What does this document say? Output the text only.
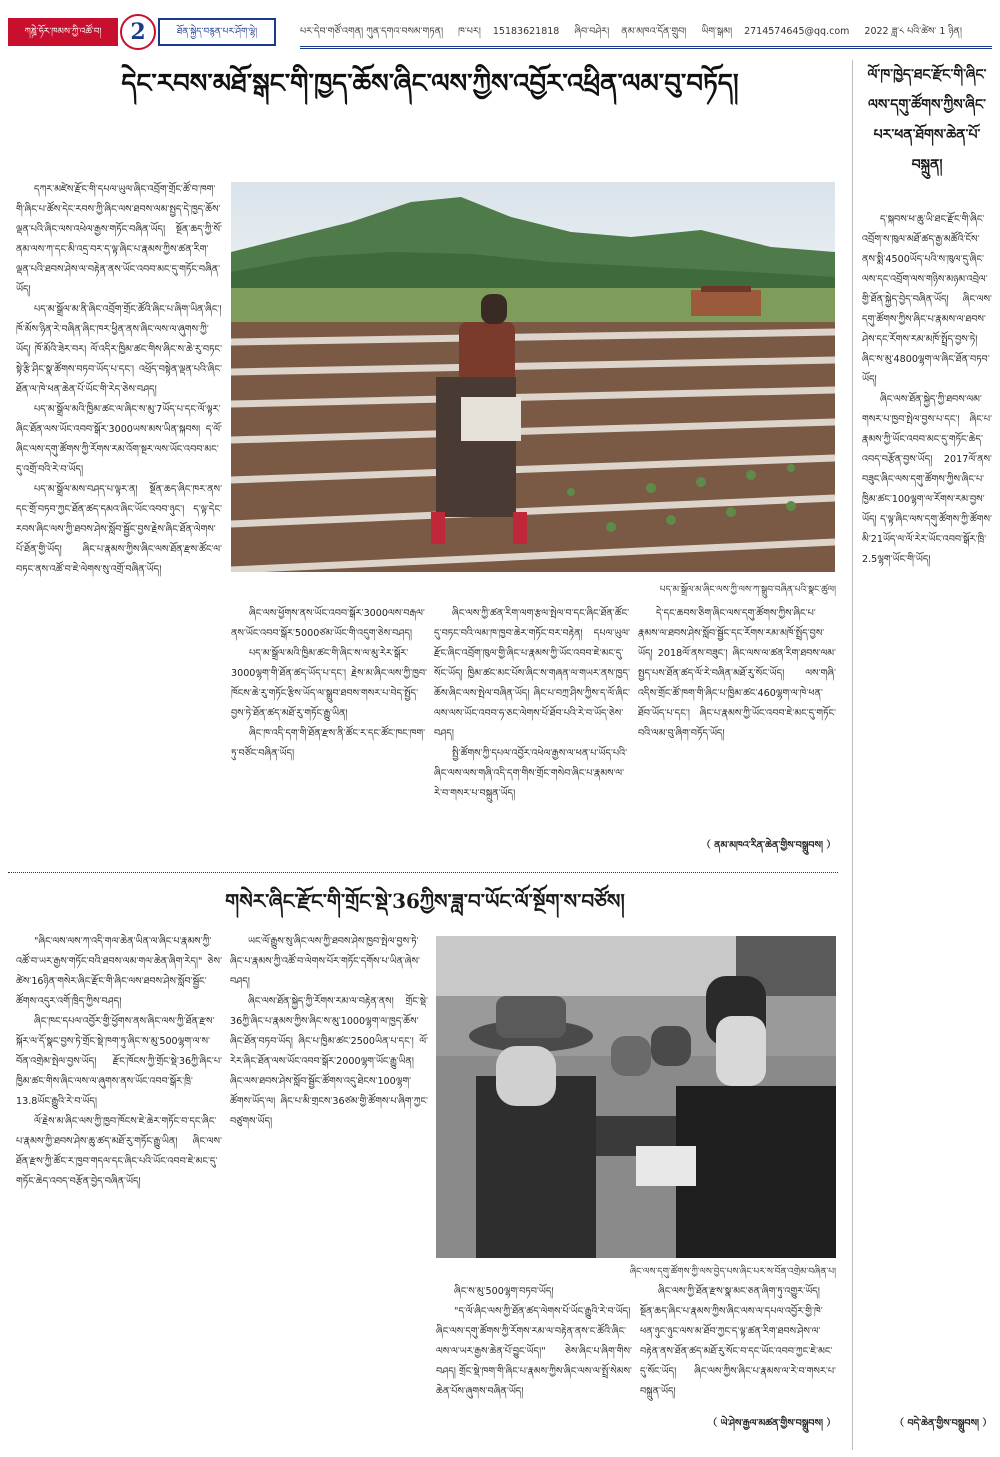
ཀཎྜེ་ཧོར་ཁམས་ཀྱི་འཚོ་བ།	2	ཐོན་སྐྱེད་བརྙན་པར་ཤོག་ལྷེ།	པར་དེབ་གཙོ་འགན། ཀུན་དགའ་བསམ་གཏན། ཁ་པར། 15183621818 ཞིབ་བཤེར། ནམ་མཁའ་དོན་གྲུབ། ཡིག་སྒམ། 2714574645@qq.com 2022 ཟླ་༨ པའི་ཚེས་ 1 ཉིན།
དེང་རབས་མཐོ་སྒང་གི་ཁྱད་ཆོས་ཞིང་ལས་ཀྱིས་འབྱོར་འཕྲིན་ལམ་བུ་བཏོད།

དཀར་མཛེས་རྫོང་གི་དཔལ་ཡུལ་ཞིང་འབྲོག་གྲོང་ཚོ་བ་ཁག་གི་ཞིང་པ་ཚོས་དེང་རབས་ཀྱི་ཞིང་ལས་ཐབས་ལམ་སྤྱད་དེ་ཁྱད་ཆོས་ལྡན་པའི་ཞིང་ལས་འཕེལ་རྒྱས་གཏོང་བཞིན་ཡོད། སྔོན་ཆད་ཀྱི་སོ་ནམ་ལས་ཀ་དང་མི་འདྲ་བར་ད་ལྟ་ཞིང་པ་རྣམས་ཀྱིས་ཚན་རིག་ལྡན་པའི་ཐབས་ཤེས་ལ་བརྟེན་ནས་ཡོང་འབབ་མང་དུ་གཏོང་བཞིན་ཡོད།

པད་མ་སྒྲོལ་མ་ནི་ཞིང་འབྲོག་གྲོང་ཚོའི་ཞིང་པ་ཞིག་ཡིན་ཞིང་། ཁོ་མོས་ཉིན་རེ་བཞིན་ཞིང་ཁར་ཕྱིན་ནས་ཞིང་ལས་ལ་ཞུགས་ཀྱི་ཡོད། ཁོ་མོའི་ཟེར་བར། ལོ་འདིར་ཁྱིམ་ཚང་གིས་ཞིང་ས་ཆེ་རུ་བཏང་སྟེ་རྩི་ཤིང་སྣ་ཚོགས་བཏབ་ཡོད་པ་དང་། འཕྲོད་བསྟེན་ལྡན་པའི་ཞིང་ཐོན་ལ་ཁེ་ཕན་ཆེན་པོ་ཡོང་གི་རེད་ཅེས་བཤད།

པད་མ་སྒྲོལ་མའི་ཁྱིམ་ཚང་ལ་ཞིང་ས་མུ་7ཡོད་པ་དང་ལོ་ལྟར་ཞིང་ཐོན་ལས་ཡོང་འབབ་སྒོར་3000ཡས་མས་ཡིན་སྐབས། ད་ལོ་ཞིང་ལས་དགུ་ཚོགས་ཀྱི་རོགས་རམ་འོག་སྔར་ལས་ཡོང་འབབ་མང་དུ་འགྲོ་བའི་རེ་བ་ཡོད།

པད་མ་སྒྲོལ་མས་བཤད་པ་ལྟར་ན། སྔོན་ཆད་ཞིང་ཁར་ནས་དང་གྲོ་བཏབ་ཀྱང་ཐོན་ཚད་དམའ་ཞིང་ཡོང་འབབ་ཉུང་། ད་ལྟ་དེང་རབས་ཞིང་ལས་ཀྱི་ཐབས་ཤེས་སློབ་སྦྱོང་བྱས་རྗེས་ཞིང་ཐོན་ལེགས་པོ་ཐོན་གྱི་ཡོད། ཞིང་པ་རྣམས་ཀྱིས་ཞིང་ལས་ཐོན་རྫས་ཚོང་ལ་བཏང་ནས་འཚོ་བ་ཇེ་ལེགས་སུ་འགྲོ་བཞིན་ཡོད།

པད་མ་སྒྲོལ་མ་ཞིང་ལས་ཀྱི་ལས་ཀ་སྒྲུབ་བཞིན་པའི་སྣང་ཚུལ།

ཞིང་ལས་ཕྱོགས་ནས་ཡོང་འབབ་སྒོར་3000ལས་བརྒལ་ནས་ཡོང་འབབ་སྒོར་5000ཙམ་ཡོང་གི་འདུག་ཅེས་བཤད།

པད་མ་སྒྲོལ་མའི་ཁྱིམ་ཚང་གི་ཞིང་ས་ལ་མུ་རེར་སྒོར་3000ལྷག་གི་ཐོན་ཚད་ཡོད་པ་དང་། རྗེས་མ་ཞིང་ལས་ཀྱི་ཁྱབ་ཁོངས་ཆེ་རུ་གཏོང་རྩིས་ཡོད་ལ་སྒྲུབ་ཐབས་གསར་པ་བེད་སྤྱོད་བྱས་ཏེ་ཐོན་ཚད་མཐོ་རུ་གཏོང་རྒྱུ་ཡིན།

ཞིང་ཁ་འདི་དག་གི་ཐོན་རྫས་ནི་ཚོང་ར་དང་ཚོང་ཁང་ཁག་ཏུ་བཙོང་བཞིན་ཡོད།

ཞིང་ལས་ཀྱི་ཚན་རིག་ལག་རྩལ་སྤེལ་བ་དང་ཞིང་ཐོན་ཚོང་དུ་བཏང་བའི་ལམ་ཁ་ཁྱབ་ཆེར་གཏོང་བར་བརྟེན། དཔལ་ཡུལ་རྫོང་ཞིང་འབྲོག་ཁུལ་གྱི་ཞིང་པ་རྣམས་ཀྱི་ཡོང་འབབ་ཇེ་མང་དུ་སོང་ཡོད། ཁྱིམ་ཚང་མང་པོས་ཞིང་ས་གཞན་ལ་གཡར་ནས་ཁྱད་ཆོས་ཞིང་ལས་སྤེལ་བཞིན་ཡོད། ཞིང་པ་བཀྲ་ཤིས་ཀྱིས་ད་ལོ་ཞིང་ལས་ལས་ཡོང་འབབ་ཧ་ཅང་ལེགས་པོ་ཐོབ་པའི་རེ་བ་ཡོད་ཅེས་བཤད།

སྤྱི་ཚོགས་ཀྱི་དཔལ་འབྱོར་འཕེལ་རྒྱས་ལ་ཕན་པ་ཡོད་པའི་ཞིང་ལས་ལས་གཞི་འདི་དག་གིས་གྲོང་གསེབ་ཞིང་པ་རྣམས་ལ་རེ་བ་གསར་པ་བསྐྲུན་ཡོད།

དེ་དང་ཆབས་ཅིག་ཞིང་ལས་དགུ་ཚོགས་ཀྱིས་ཞིང་པ་རྣམས་ལ་ཐབས་ཤེས་སློབ་སྦྱོང་དང་རོགས་རམ་མཁོ་སྤྲོད་བྱས་ཡོད། 2018ལོ་ནས་བཟུང་། ཞིང་ལས་ལ་ཚན་རིག་ཐབས་ལམ་སྤྱད་པས་ཐོན་ཚད་ལོ་རེ་བཞིན་མཐོ་རུ་སོང་ཡོད། ལས་གཞི་འདིས་གྲོང་ཚོ་ཁག་གི་ཞིང་པ་ཁྱིམ་ཚང་460ལྷག་ལ་ཁེ་ཕན་ཐོབ་ཡོད་པ་དང་། ཞིང་པ་རྣམས་ཀྱི་ཡོང་འབབ་ཇེ་མང་དུ་གཏོང་བའི་ལམ་བུ་ཞིག་བཏོད་ཡོད།

（ ནམ་མཁའ་རིན་ཆེན་གྱིས་བསྒྲུབས། ）
གསེར་ཞིང་རྫོང་གི་གྲོང་སྡེ་36ཀྱིས་ཟླ་བ་ཡོང་ལོ་སྔོག་ས་བཙོས།

"ཞིང་ལས་ལས་ཀ་འདི་གལ་ཆེན་ཡིན་ལ་ཞིང་པ་རྣམས་ཀྱི་འཚོ་བ་ཡར་རྒྱས་གཏོང་བའི་ཐབས་ལམ་གལ་ཆེན་ཞིག་རེད།" ཅེས་ཚེས་16ཉིན་གསེར་ཞིང་རྫོང་གི་ཞིང་ལས་ཐབས་ཤེས་སློབ་སྦྱོང་ཚོགས་འདུར་འགོ་ཁྲིད་ཀྱིས་བཤད།

ཞིང་ཁང་དཔལ་འབྱོར་གྱི་ཕྱོགས་ནས་ཞིང་ལས་ཀྱི་ཐོན་རྫས་སྐོར་ལ་དོ་སྣང་བྱས་ཏེ་གྲོང་སྡེ་ཁག་ཏུ་ཞིང་ས་མུ་500ལྷག་ལ་ས་བོན་འགྲེམ་སྤེལ་བྱས་ཡོད། རྫོང་ཁོངས་ཀྱི་གྲོང་སྡེ་36ཀྱི་ཞིང་པ་ཁྱིམ་ཚང་གིས་ཞིང་ལས་ལ་ཞུགས་ནས་ཡོང་འབབ་སྒོར་ཁྲི་13.8ཡོང་རྒྱུའི་རེ་བ་ཡོད།

ལོ་རྗེས་མ་ཞིང་ལས་ཀྱི་ཁྱབ་ཁོངས་ཇེ་ཆེར་གཏོང་བ་དང་ཞིང་པ་རྣམས་ཀྱི་ཐབས་ཤེས་ཆུ་ཚད་མཐོ་རུ་གཏོང་རྒྱུ་ཡིན། ཞིང་ལས་ཐོན་རྫས་ཀྱི་ཚོང་ར་ཁྱབ་གདལ་དང་ཞིང་པའི་ཡོང་འབབ་ཇེ་མང་དུ་གཏོང་ཆེད་འབད་བརྩོན་བྱེད་བཞིན་ཡོད།

ཡང་ལོ་རྒྱུས་སུ་ཞིང་ལས་ཀྱི་ཐབས་ཤེས་ཁྱབ་སྤེལ་བྱས་ཏེ་ཞིང་པ་རྣམས་ཀྱི་འཚོ་བ་ལེགས་པོར་གཏོང་དགོས་པ་ཡིན་ཞེས་བཤད།

ཞིང་ལས་ཐོན་སྐྱེད་ཀྱི་རོགས་རམ་ལ་བརྟེན་ནས། གྲོང་སྡེ་36ཀྱི་ཞིང་པ་རྣམས་ཀྱིས་ཞིང་ས་མུ་1000ལྷག་ལ་ཁྱད་ཆོས་ཞིང་ཐོན་བཏབ་ཡོད། ཞིང་པ་ཁྱིམ་ཚང་2500ཡིན་པ་དང་། ལོ་རེར་ཞིང་ཐོན་ལས་ཡོང་འབབ་སྒོར་2000ལྷག་ཡོང་རྒྱུ་ཡིན། ཞིང་ལས་ཐབས་ཤེས་སློབ་སྦྱོང་ཚོགས་འདུ་ཐེངས་100ལྷག་ཚོགས་ཡོད་ལ། ཞིང་པ་མི་གྲངས་36ཙམ་གྱི་ཚོགས་པ་ཞིག་ཀྱང་བཙུགས་ཡོད།

ཞིང་ལས་དགུ་ཚོགས་ཀྱི་ལས་བྱེད་པས་ཞིང་པར་ས་བོན་འགྲེམ་བཞིན་པ།

ཞིང་ས་མུ་500ལྷག་བཏབ་ཡོད།

"ད་ལོ་ཞིང་ལས་ཀྱི་ཐོན་ཚད་ལེགས་པོ་ཡོང་རྒྱུའི་རེ་བ་ཡོད། ཞིང་ལས་དགུ་ཚོགས་ཀྱི་རོགས་རམ་ལ་བརྟེན་ནས་ང་ཚོའི་ཞིང་ལས་ལ་ཡར་རྒྱས་ཆེན་པོ་བྱུང་ཡོད།" ཅེས་ཞིང་པ་ཞིག་གིས་བཤད། གྲོང་སྡེ་ཁག་གི་ཞིང་པ་རྣམས་ཀྱིས་ཞིང་ལས་ལ་སྤྲོ་སེམས་ཆེན་པོས་ཞུགས་བཞིན་ཡོད།

ཞིང་ལས་ཀྱི་ཐོན་རྫས་སྣ་མང་ཅན་ཞིག་ཏུ་འགྱུར་ཡོད། སྔོན་ཆད་ཞིང་པ་རྣམས་ཀྱིས་ཞིང་ལས་ལ་དཔལ་འབྱོར་གྱི་ཁེ་ཕན་ཉུང་ཉུང་ལས་མ་ཐོབ་ཀྱང་ད་ལྟ་ཚན་རིག་ཐབས་ཤེས་ལ་བརྟེན་ནས་ཐོན་ཚད་མཐོ་རུ་སོང་བ་དང་ཡོང་འབབ་ཀྱང་ཇེ་མང་དུ་སོང་ཡོད། ཞིང་ལས་ཀྱིས་ཞིང་པ་རྣམས་ལ་རེ་བ་གསར་པ་བསྐྲུན་ཡོད།

（ ཡེ་ཤེས་རྒྱལ་མཚན་གྱིས་བསྒྲུབས། ）
ལོ་ཁ་ཁྱེད་ཐང་རྫོང་གི་ཞིང་ལས་དགུ་ཚོགས་ཀྱིས་ཞིང་པར་ཕན་ཐོགས་ཆེན་པོ་བསྐྲུན།

ད་སྐབས་ཕ་ཆུ་ཡི་ཐང་རྫོང་གི་ཞིང་འབྲོག་ས་ཁུལ་མཐོ་ཚད་རྒྱ་མཚོའི་ངོས་ནས་སྨི་4500ཡོད་པའི་ས་ཁུལ་དུ་ཞིང་ལས་དང་འབྲོག་ལས་གཉིས་མཉམ་འབྲེལ་གྱི་ཐོན་སྐྱེད་བྱེད་བཞིན་ཡོད། ཞིང་ལས་དགུ་ཚོགས་ཀྱིས་ཞིང་པ་རྣམས་ལ་ཐབས་ཤེས་དང་རོགས་རམ་མཁོ་སྤྲོད་བྱས་ཏེ། ཞིང་ས་མུ་4800ལྷག་ལ་ཞིང་ཐོན་བཏབ་ཡོད།

ཞིང་ལས་ཐོན་སྐྱེད་ཀྱི་ཐབས་ལམ་གསར་པ་ཁྱབ་སྤེལ་བྱས་པ་དང་། ཞིང་པ་རྣམས་ཀྱི་ཡོང་འབབ་མང་དུ་གཏོང་ཆེད་འབད་བརྩོན་བྱས་ཡོད། 2017ལོ་ནས་བཟུང་ཞིང་ལས་དགུ་ཚོགས་ཀྱིས་ཞིང་པ་ཁྱིམ་ཚང་100ལྷག་ལ་རོགས་རམ་བྱས་ཡོད། ད་ལྟ་ཞིང་ལས་དགུ་ཚོགས་ཀྱི་ཚོགས་མི་21ཡོད་ལ་ལོ་རེར་ཡོང་འབབ་སྒོར་ཁྲི་2.5ལྷག་ཡོང་གི་ཡོད།

（ བདེ་ཆེན་གྱིས་བསྒྲུབས། ）
